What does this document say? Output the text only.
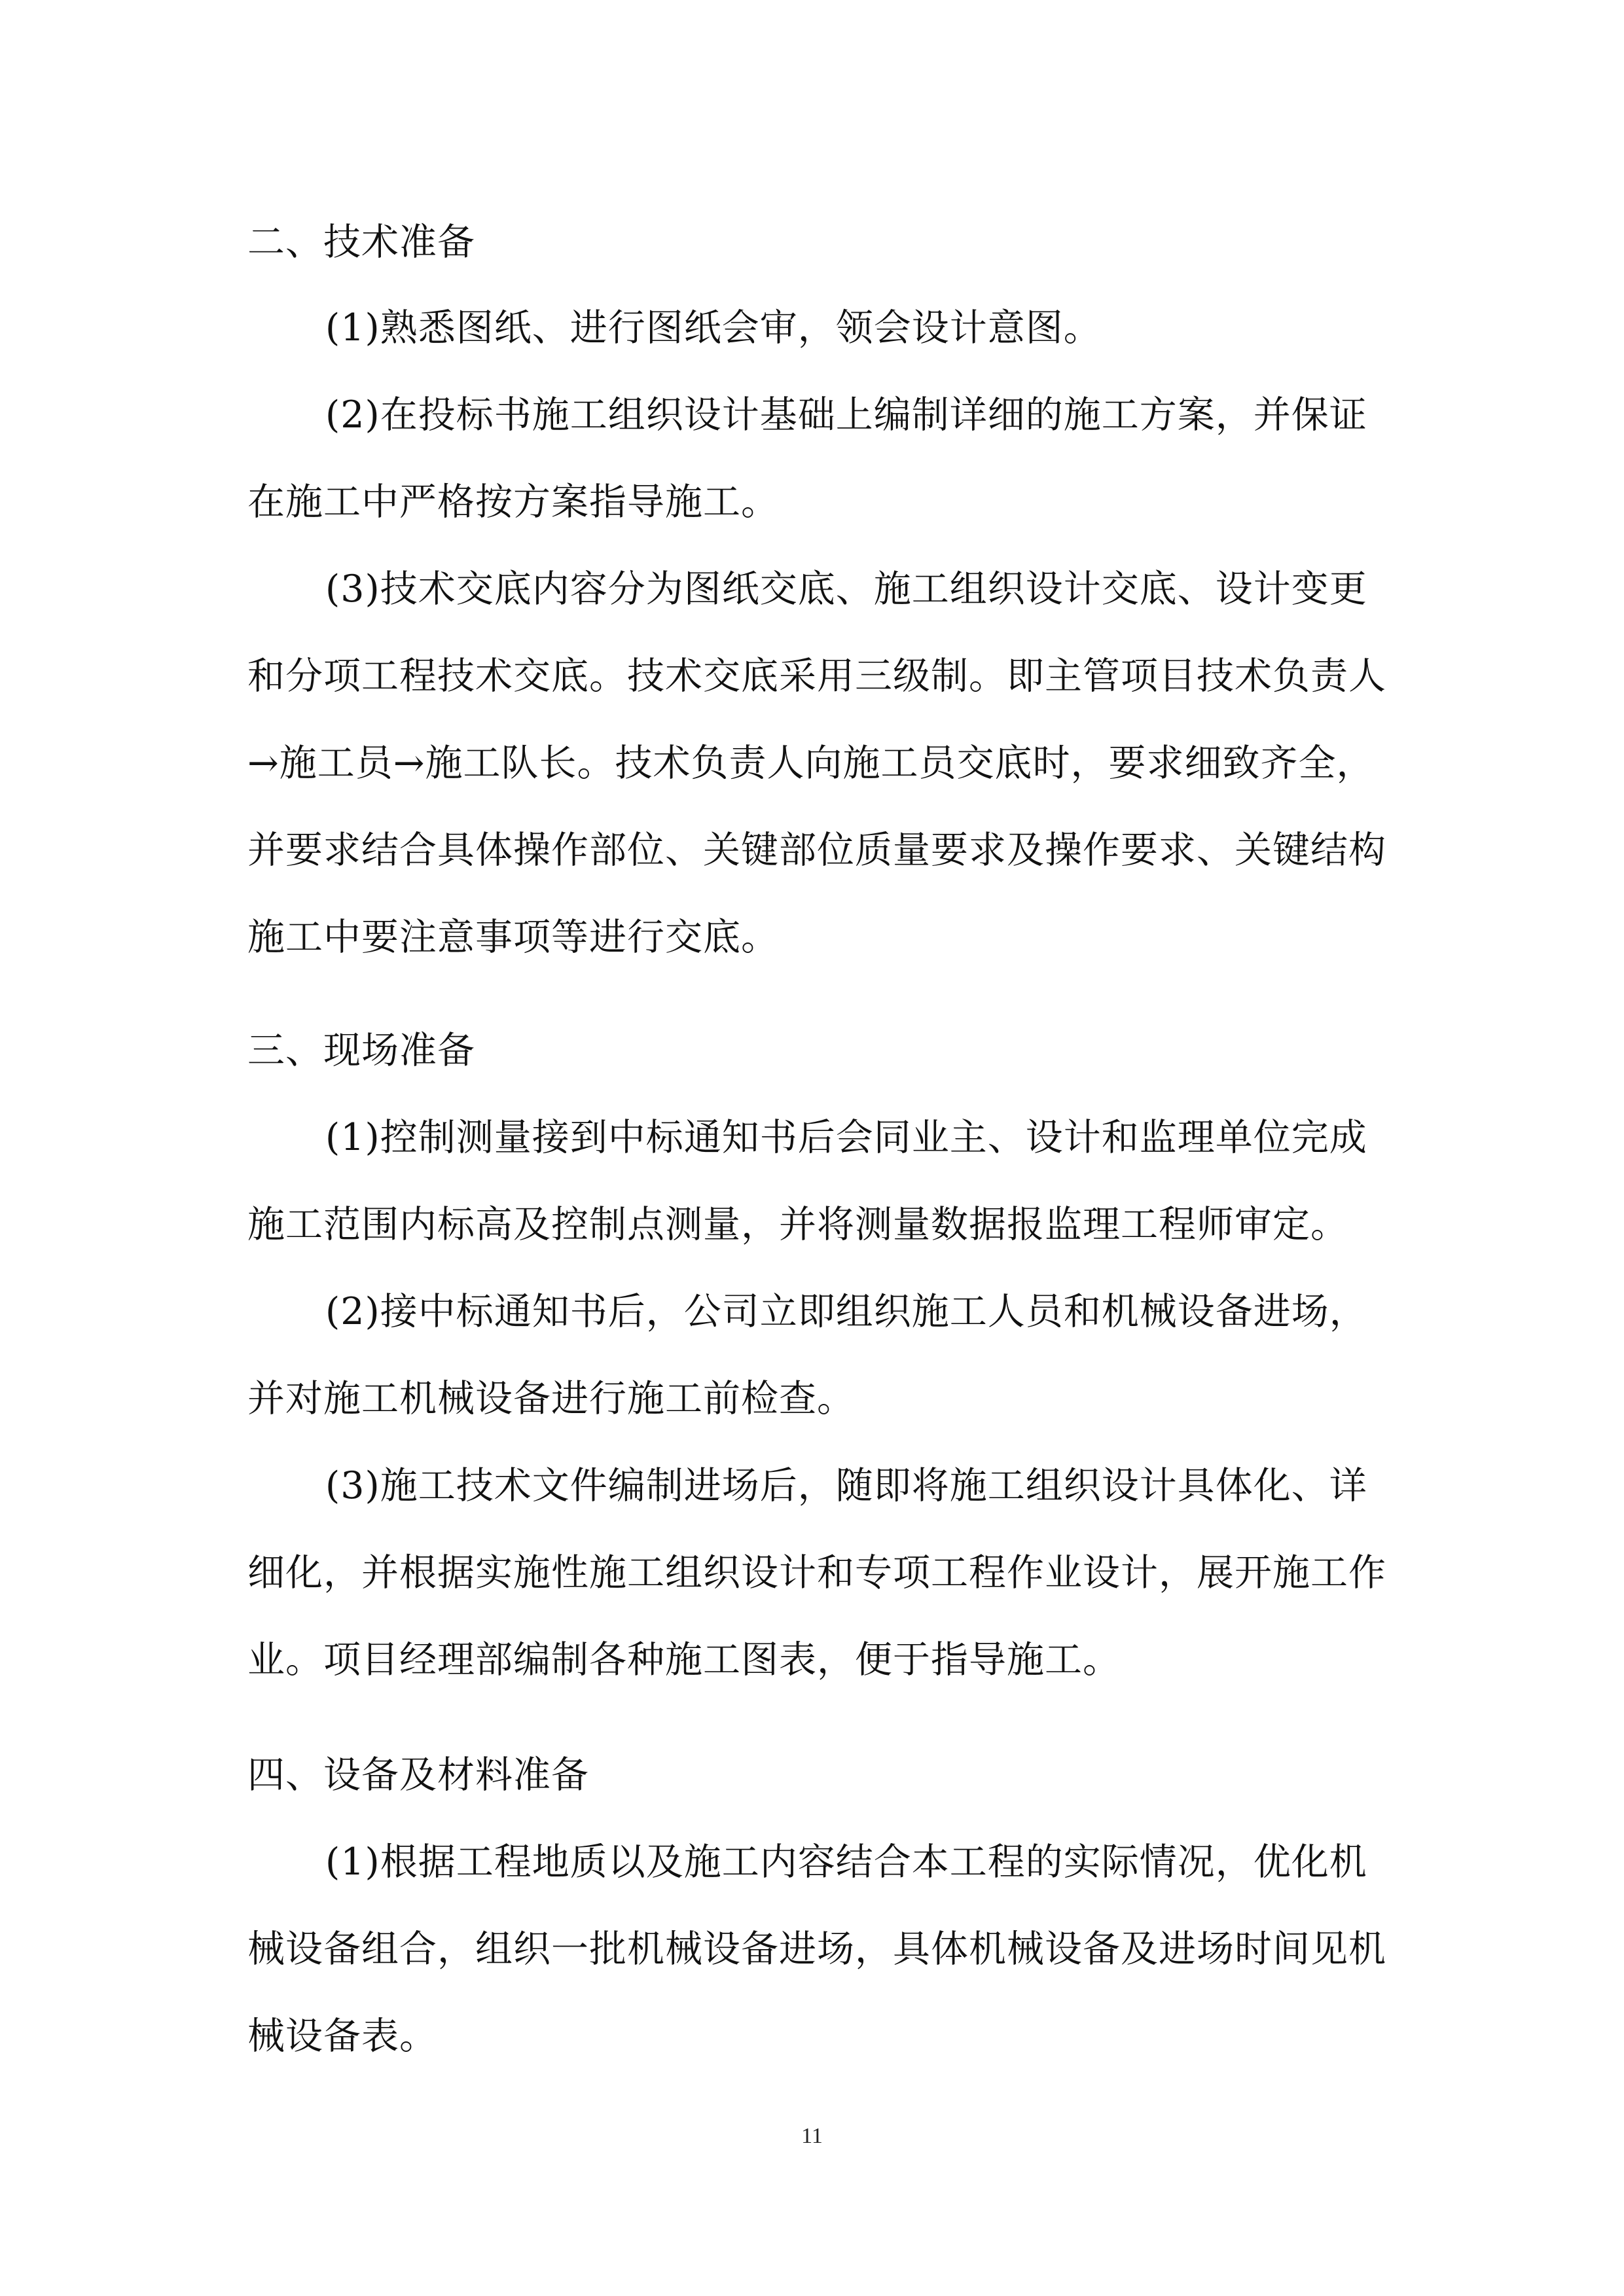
二、技术准备
(1)熟悉图纸、进行图纸会审，领会设计意图。
(2)在投标书施工组织设计基础上编制详细的施工方案，并保证
在施工中严格按方案指导施工。
(3)技术交底内容分为图纸交底、施工组织设计交底、设计变更
和分项工程技术交底。技术交底采用三级制。即主管项目技术负责人
→施工员→施工队长。技术负责人向施工员交底时，要求细致齐全，
并要求结合具体操作部位、关键部位质量要求及操作要求、关键结构
施工中要注意事项等进行交底。
三、现场准备
(1)控制测量接到中标通知书后会同业主、设计和监理单位完成
施工范围内标高及控制点测量，并将测量数据报监理工程师审定。
(2)接中标通知书后，公司立即组织施工人员和机械设备进场，
并对施工机械设备进行施工前检查。
(3)施工技术文件编制进场后，随即将施工组织设计具体化、详
细化，并根据实施性施工组织设计和专项工程作业设计，展开施工作
业。项目经理部编制各种施工图表，便于指导施工。
四、设备及材料准备
(1)根据工程地质以及施工内容结合本工程的实际情况，优化机
械设备组合，组织一批机械设备进场，具体机械设备及进场时间见机
械设备表。
11
